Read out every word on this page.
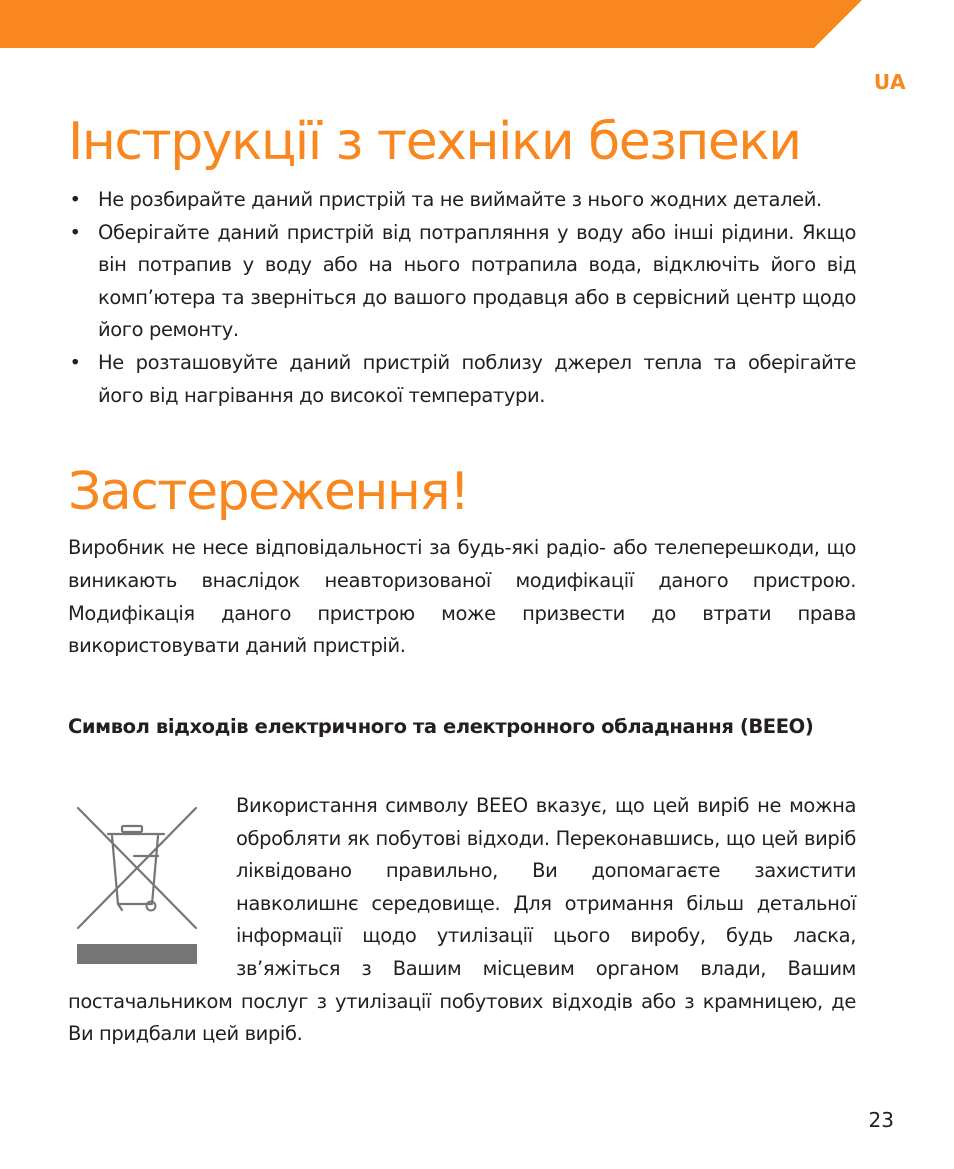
UA
Інструкції з техніки безпеки
• Не розбирайте даний пристрій та не виймайте з нього жодних деталей.
• Оберігайте даний пристрій від потрапляння у воду або інші рідини. Якщо він потрапив у воду або на нього потрапила вода, відключіть його від комп’ютера та зверніться до вашого продавця або в сервісний центр щодо його ремонту.
• Не розташовуйте даний пристрій поблизу джерел тепла та оберігайте його від нагрівання до високої температури.
Застереження!

Виробник не несе відповідальності за будь-які радіо- або телеперешкоди, що виникають внаслідок неавторизованої модифікації даного пристрою. Модифікація даного пристрою може призвести до втрати права використовувати даний пристрій.

Символ відходів електричного та електронного обладнання (ВЕЕО)
Використання символу ВЕЕО вказує, що цей виріб не можна обробляти як побутові відходи. Переконавшись, що цей виріб ліквідовано правильно, Ви допомагаєте захистити навколишнє середовище. Для отримання більш детальної інформації щодо утилізації цього виробу, будь ласка, зв’яжіться з Вашим місцевим органом влади, Вашим постачальником послуг з утилізації побутових відходів або з крамницею, де Ви придбали цей виріб.
23
